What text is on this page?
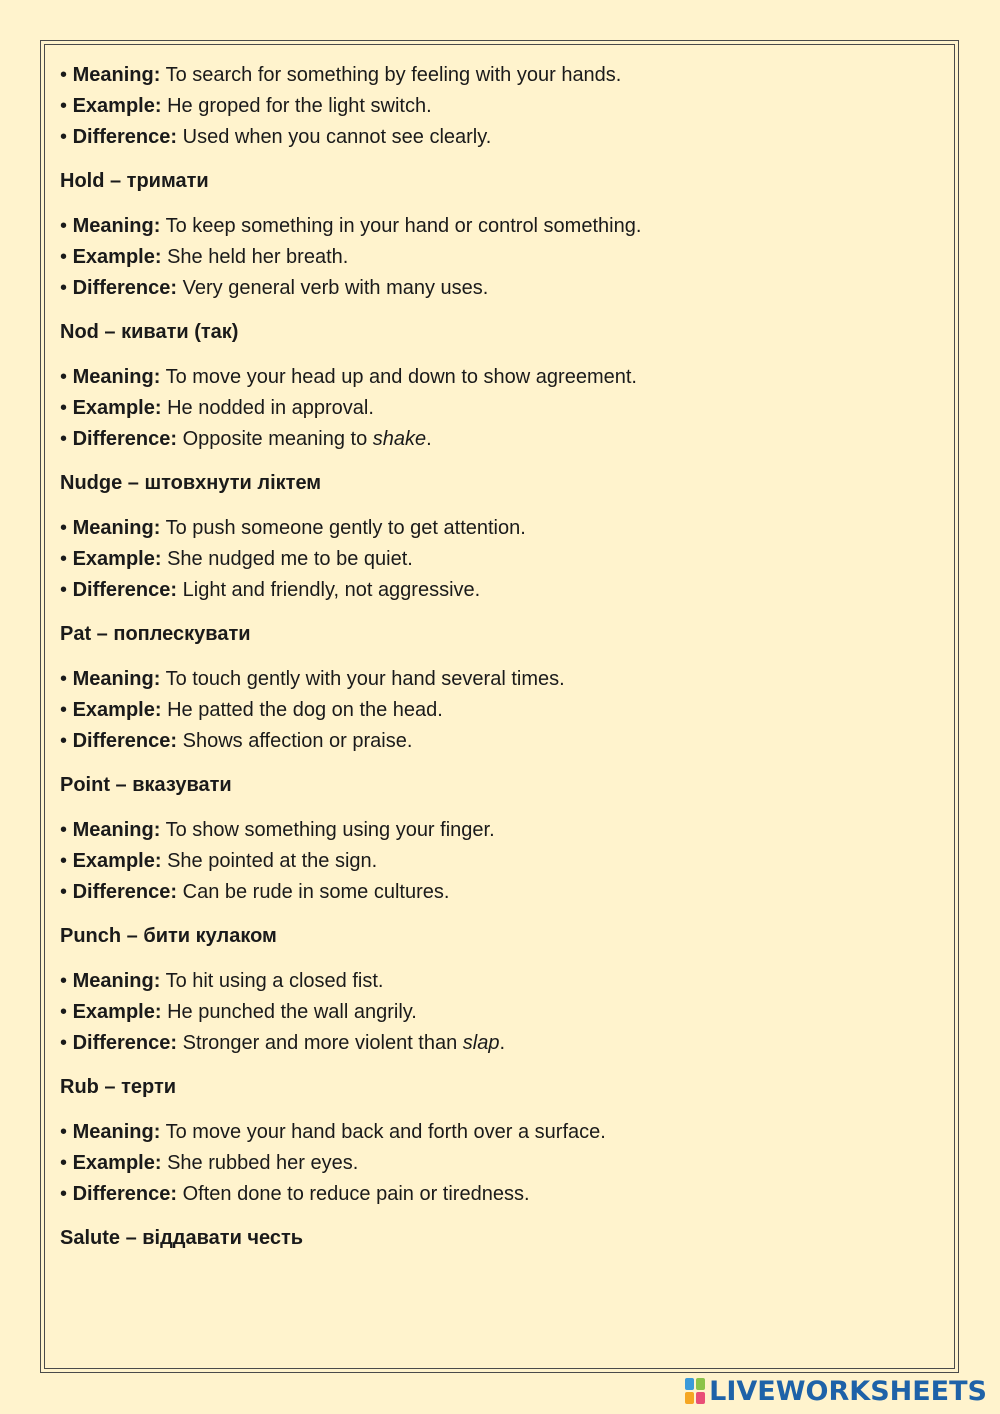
• Meaning: To search for something by feeling with your hands.
• Example: He groped for the light switch.
• Difference: Used when you cannot see clearly.
Hold – тримати
• Meaning: To keep something in your hand or control something.
• Example: She held her breath.
• Difference: Very general verb with many uses.
Nod – кивати (так)
• Meaning: To move your head up and down to show agreement.
• Example: He nodded in approval.
• Difference: Opposite meaning to shake.
Nudge – штовхнути ліктем
• Meaning: To push someone gently to get attention.
• Example: She nudged me to be quiet.
• Difference: Light and friendly, not aggressive.
Pat – поплескувати
• Meaning: To touch gently with your hand several times.
• Example: He patted the dog on the head.
• Difference: Shows affection or praise.
Point – вказувати
• Meaning: To show something using your finger.
• Example: She pointed at the sign.
• Difference: Can be rude in some cultures.
Punch – бити кулаком
• Meaning: To hit using a closed fist.
• Example: He punched the wall angrily.
• Difference: Stronger and more violent than slap.
Rub – терти
• Meaning: To move your hand back and forth over a surface.
• Example: She rubbed her eyes.
• Difference: Often done to reduce pain or tiredness.
Salute – віддавати честь
LIVEWORKSHEETS
